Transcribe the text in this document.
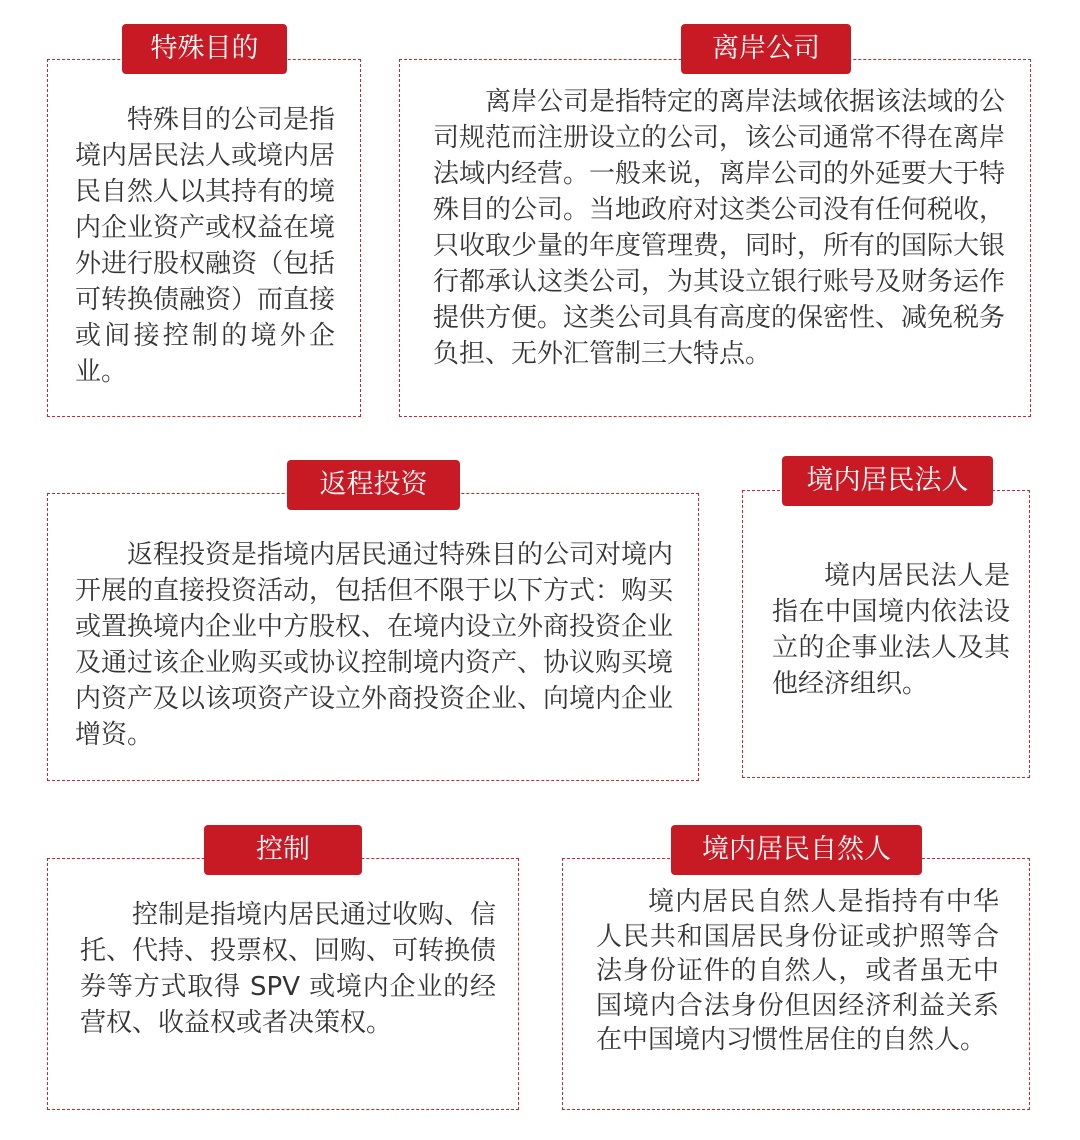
特殊目的

特殊目的公司是指境内居民法人或境内居民自然人以其持有的境内企业资产或权益在境外进行股权融资（包括可转换债融资）而直接或间接控制的境外企业。

离岸公司

离岸公司是指特定的离岸法域依据该法域的公司规范而注册设立的公司，该公司通常不得在离岸法域内经营。一般来说，离岸公司的外延要大于特殊目的公司。当地政府对这类公司没有任何税收，只收取少量的年度管理费，同时，所有的国际大银行都承认这类公司，为其设立银行账号及财务运作提供方便。这类公司具有高度的保密性、减免税务负担、无外汇管制三大特点。

返程投资

返程投资是指境内居民通过特殊目的公司对境内开展的直接投资活动，包括但不限于以下方式：购买或置换境内企业中方股权、在境内设立外商投资企业及通过该企业购买或协议控制境内资产、协议购买境内资产及以该项资产设立外商投资企业、向境内企业增资。

境内居民法人

境内居民法人是指在中国境内依法设立的企事业法人及其他经济组织。

控制

控制是指境内居民通过收购、信托、代持、投票权、回购、可转换债券等方式取得 SPV 或境内企业的经营权、收益权或者决策权。

境内居民自然人

境内居民自然人是指持有中华人民共和国居民身份证或护照等合法身份证件的自然人，或者虽无中国境内合法身份但因经济利益关系在中国境内习惯性居住的自然人。
